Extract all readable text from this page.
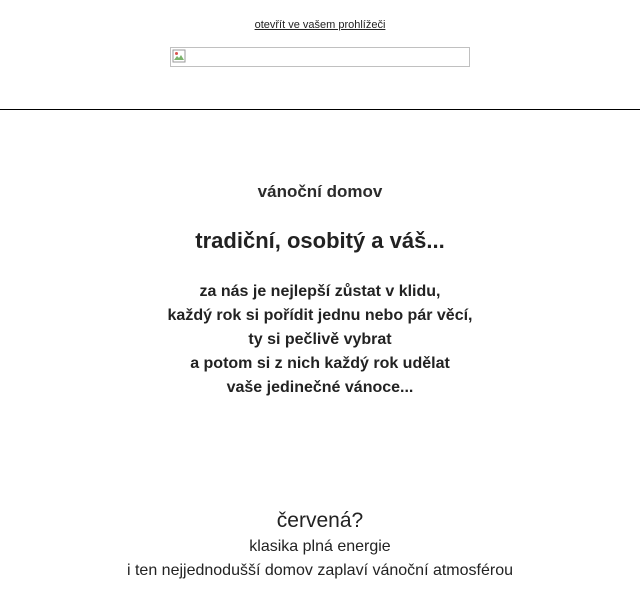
otevřít ve vašem prohlížeči
vánoční domov
tradiční, osobitý a váš...
za nás je nejlepší zůstat v klidu,
každý rok si pořídit jednu nebo pár věcí,
ty si pečlivě vybrat
a potom si z nich každý rok udělat
vaše jedinečné vánoce...
červená?
klasika plná energie
i ten nejjednodušší domov zaplaví vánoční atmosférou
